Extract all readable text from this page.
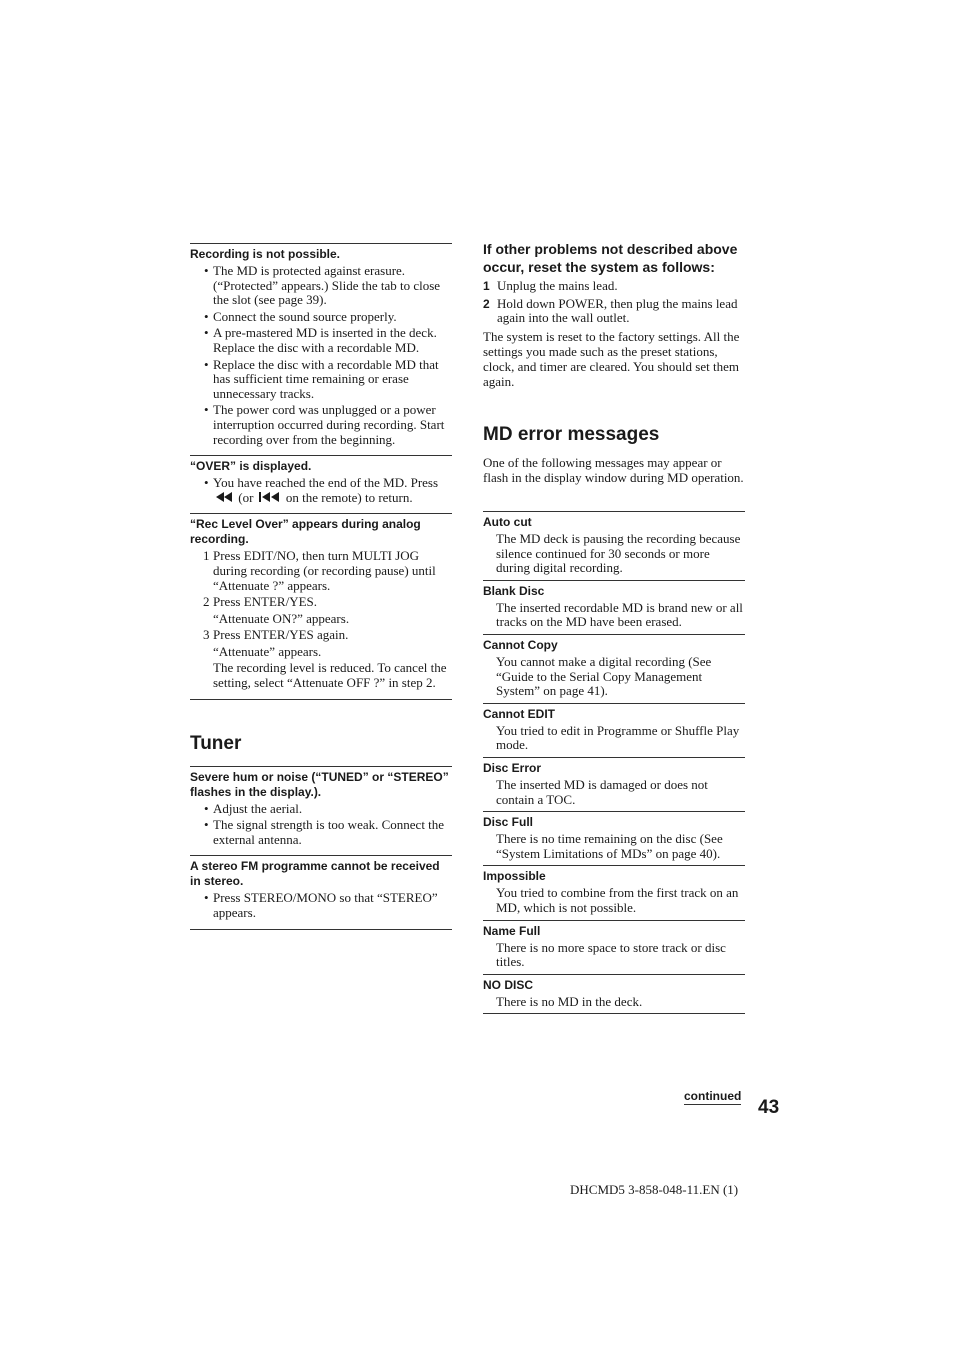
Recording is not possible.
• The MD is protected against erasure. (“Protected” appears.) Slide the tab to close the slot (see page 39).
• Connect the sound source properly.
• A pre-mastered MD is inserted in the deck. Replace the disc with a recordable MD.
• Replace the disc with a recordable MD that has sufficient time remaining or erase unnecessary tracks.
• The power cord was unplugged or a power interruption occurred during recording. Start recording over from the beginning.
“OVER” is displayed.
• You have reached the end of the MD. Press  (or	on the remote) to return.
“Rec Level Over” appears during analog recording.
1 Press EDIT/NO, then turn MULTI JOG during recording (or recording pause) until “Attenuate ?” appears.
2 Press ENTER/YES.
“Attenuate ON?” appears.
3 Press ENTER/YES again.
“Attenuate” appears.
The recording level is reduced. To cancel the setting, select “Attenuate OFF ?” in step 2.
Tuner
Severe hum or noise (“TUNED” or “STEREO” flashes in the display.).
• Adjust the aerial.
• The signal strength is too weak. Connect the external antenna.
A stereo FM programme cannot be received in stereo.
• Press STEREO/MONO so that “STEREO” appears.
If other problems not described above occur, reset the system as follows:
1 Unplug the mains lead.
2 Hold down POWER, then plug the mains lead again into the wall outlet.

The system is reset to the factory settings. All the settings you made such as the preset stations, clock, and timer are cleared. You should set them again.

MD error messages

One of the following messages may appear or flash in the display window during MD operation.

Auto cut
The MD deck is pausing the recording because silence continued for 30 seconds or more during digital recording.
Blank Disc
The inserted recordable MD is brand new or all tracks on the MD have been erased.
Cannot Copy
You cannot make a digital recording (See “Guide to the Serial Copy Management System” on page 41).
Cannot EDIT
You tried to edit in Programme or Shuffle Play mode.
Disc Error
The inserted MD is damaged or does not contain a TOC.
Disc Full
There is no time remaining on the disc (See “System Limitations of MDs” on page 40).
Impossible
You tried to combine from the first track on an MD, which is not possible.
Name Full
There is no more space to store track or disc titles.
NO DISC
There is no MD in the deck.
continued
43
DHCMD5 3-858-048-11.EN (1)
